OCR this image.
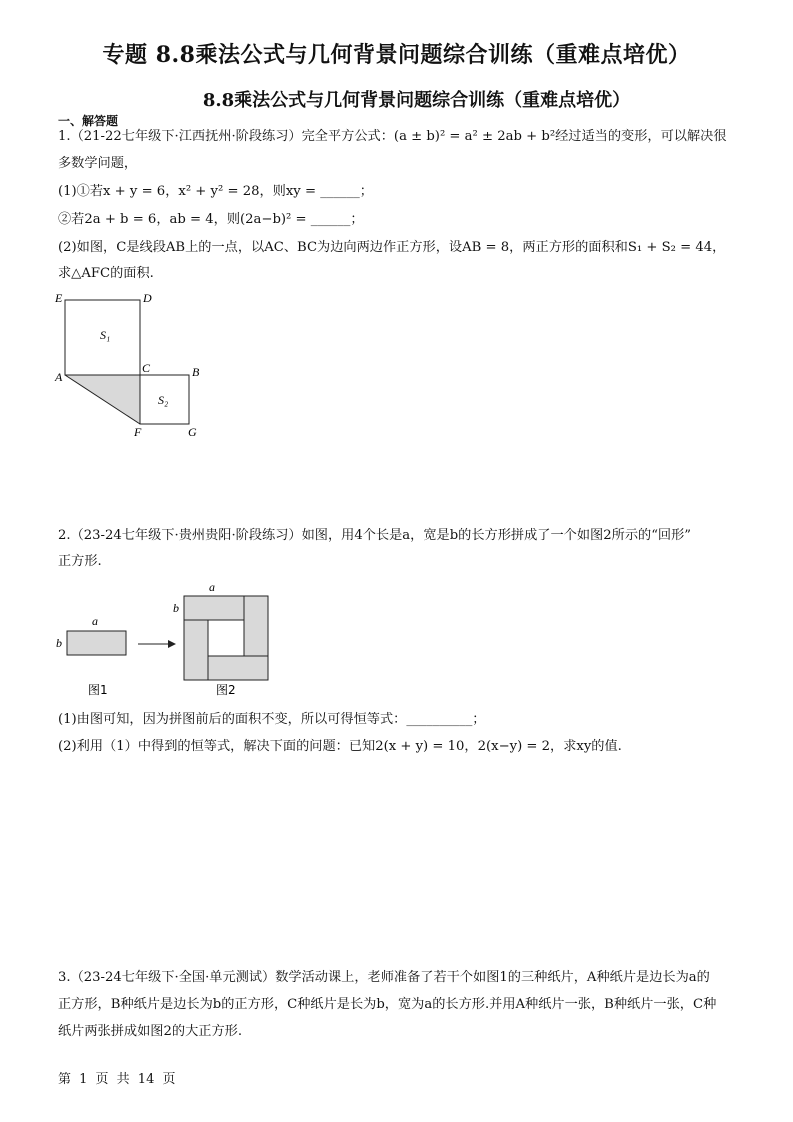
专题 8.8乘法公式与几何背景问题综合训练（重难点培优）
8.8乘法公式与几何背景问题综合训练（重难点培优）
一、解答题
1.（21-22七年级下·江西抚州·阶段练习）完全平方公式：(a ± b)² = a² ± 2ab + b²经过适当的变形，可以解决很
多数学问题，
(1)①若x + y = 6，x² + y² = 28，则xy = ______；
②若2a + b = 6，ab = 4，则(2a−b)² = ______；
(2)如图，C是线段AB上的一点，以AC、BC为边向两边作正方形，设AB = 8，两正方形的面积和S₁ + S₂ = 44，
求△AFC的面积.
E	D
A
C	B
F	G
S₁
S₂
2.（23-24七年级下·贵州贵阳·阶段练习）如图，用4个长是a，宽是b的长方形拼成了一个如图2所示的“回形”
正方形.
a
b
图1
a
b
图2
(1)由图可知，因为拼图前后的面积不变，所以可得恒等式：__________；
(2)利用（1）中得到的恒等式，解决下面的问题：已知2(x + y) = 10，2(x−y) = 2，求xy的值.
3.（23-24七年级下·全国·单元测试）数学活动课上，老师准备了若干个如图1的三种纸片，A种纸片是边长为a的
正方形，B种纸片是边长为b的正方形，C种纸片是长为b，宽为a的长方形.并用A种纸片一张，B种纸片一张，C种
纸片两张拼成如图2的大正方形.
第 1 页 共 14 页
